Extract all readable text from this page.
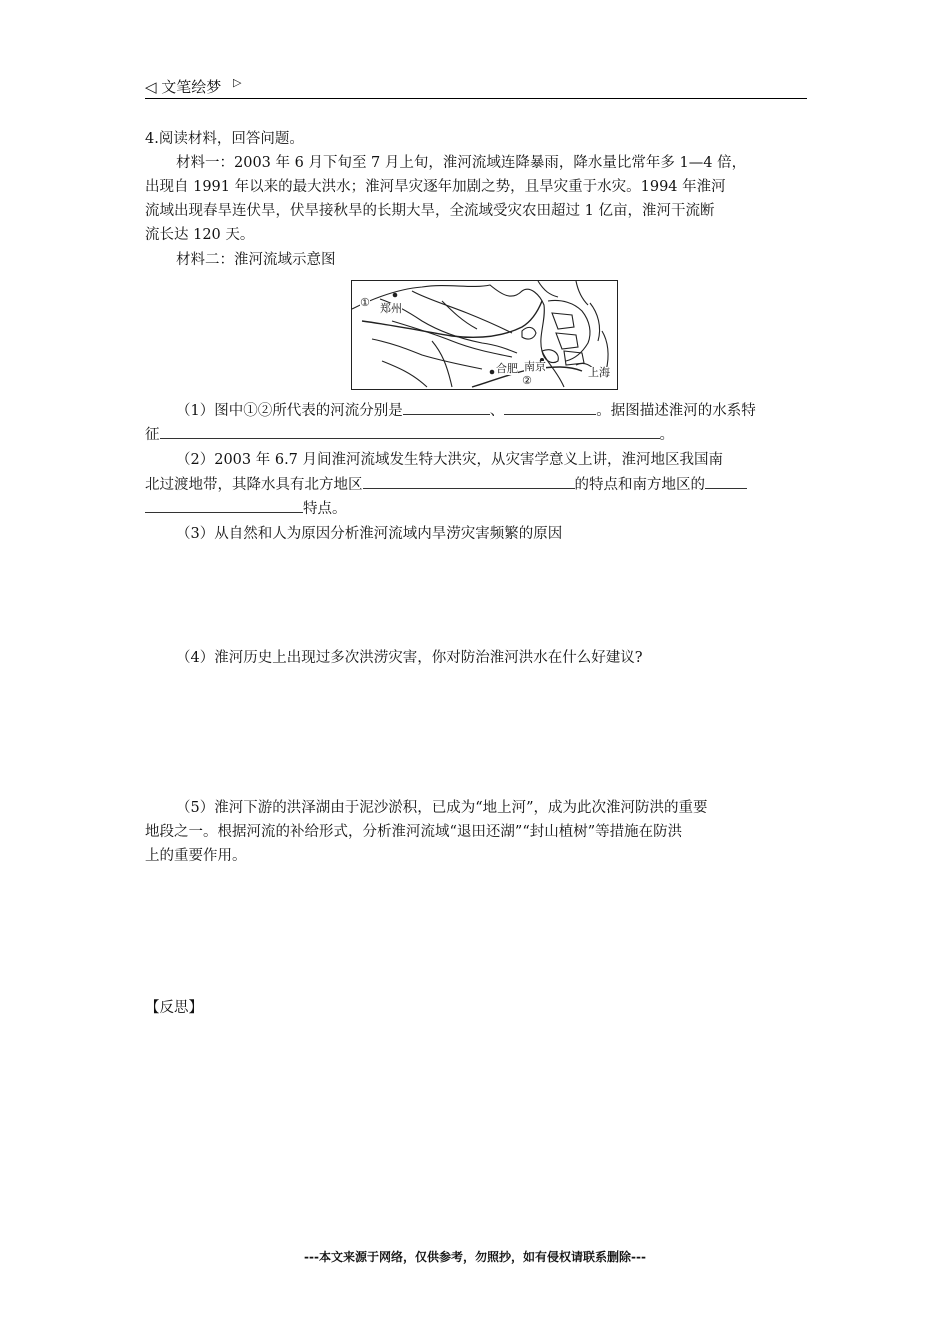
◁ 文笔绘梦 ▷
4.阅读材料，回答问题。
材料一：2003 年 6 月下旬至 7 月上旬，淮河流域连降暴雨，降水量比常年多 1—4 倍，
出现自 1991 年以来的最大洪水；淮河旱灾逐年加剧之势，且旱灾重于水灾。1994 年淮河
流域出现春旱连伏旱，伏旱接秋旱的长期大旱，全流域受灾农田超过 1 亿亩，淮河干流断
流长达 120 天。
材料二：淮河流域示意图
① 郑州
合肥 南京
②
上海
（1）图中①②所代表的河流分别是	、	。据图描述淮河的水系特
征	。
（2）2003 年 6.7 月间淮河流域发生特大洪灾，从灾害学意义上讲，淮河地区我国南
北过渡地带，其降水具有北方地区	的特点和南方地区的
特点。
（3）从自然和人为原因分析淮河流域内旱涝灾害频繁的原因
（4）淮河历史上出现过多次洪涝灾害，你对防治淮河洪水在什么好建议?
（5）淮河下游的洪泽湖由于泥沙淤积，已成为“地上河”，成为此次淮河防洪的重要
地段之一。根据河流的补给形式，分析淮河流域“退田还湖”“封山植树”等措施在防洪
上的重要作用。
【反思】
---本文来源于网络，仅供参考，勿照抄，如有侵权请联系删除---
